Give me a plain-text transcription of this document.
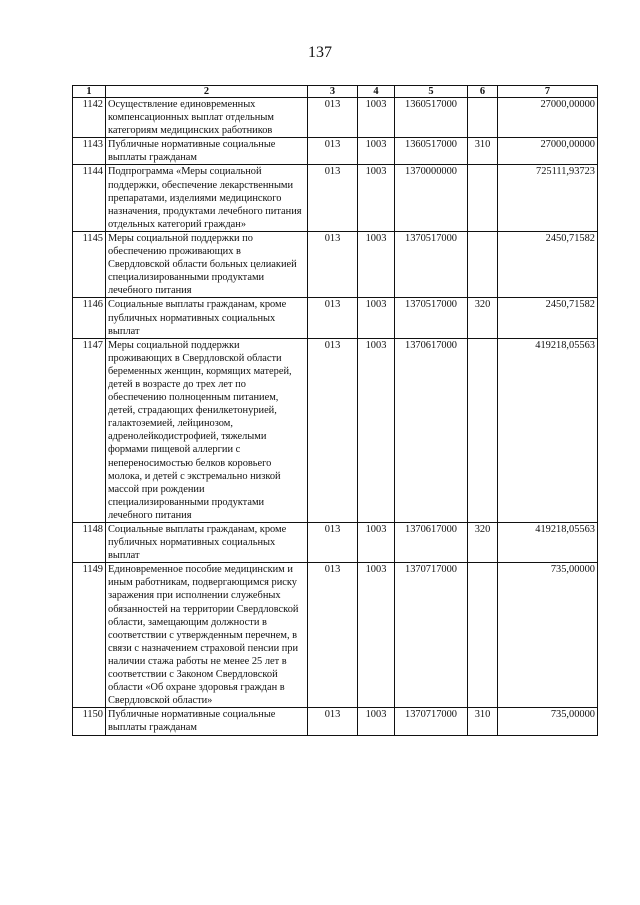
137
1	2	3	4	5	6	7
1142	Осуществление единовременных компенсационных выплат отдельным категориям медицинских работников	013	1003	1360517000		27000,00000
1143	Публичные нормативные социальные выплаты гражданам	013	1003	1360517000	310	27000,00000
1144	Подпрограмма «Меры социальной поддержки, обеспечение лекарственными препаратами, изделиями медицинского назначения, продуктами лечебного питания отдельных категорий граждан»	013	1003	1370000000		725111,93723
1145	Меры социальной поддержки по обеспечению проживающих в Свердловской области больных целиакией специализированными продуктами лечебного питания	013	1003	1370517000		2450,71582
1146	Социальные выплаты гражданам, кроме публичных нормативных социальных выплат	013	1003	1370517000	320	2450,71582
1147	Меры социальной поддержки проживающих в Свердловской области беременных женщин, кормящих матерей, детей в возрасте до трех лет по обеспечению полноценным питанием, детей, страдающих фенилкетонурией, галактоземией, лейцинозом, адренолейкодистрофией, тяжелыми формами пищевой аллергии с непереносимостью белков коровьего молока, и детей с экстремально низкой массой при рождении специализированными продуктами лечебного питания	013	1003	1370617000		419218,05563
1148	Социальные выплаты гражданам, кроме публичных нормативных социальных выплат	013	1003	1370617000	320	419218,05563
1149	Единовременное пособие медицинским и иным работникам, подвергающимся риску заражения при исполнении служебных обязанностей на территории Свердловской области, замещающим должности в соответствии с утвержденным перечнем, в связи с назначением страховой пенсии при наличии стажа работы не менее 25 лет в соответствии с Законом Свердловской области «Об охране здоровья граждан в Свердловской области»	013	1003	1370717000		735,00000
1150	Публичные нормативные социальные выплаты гражданам	013	1003	1370717000	310	735,00000
